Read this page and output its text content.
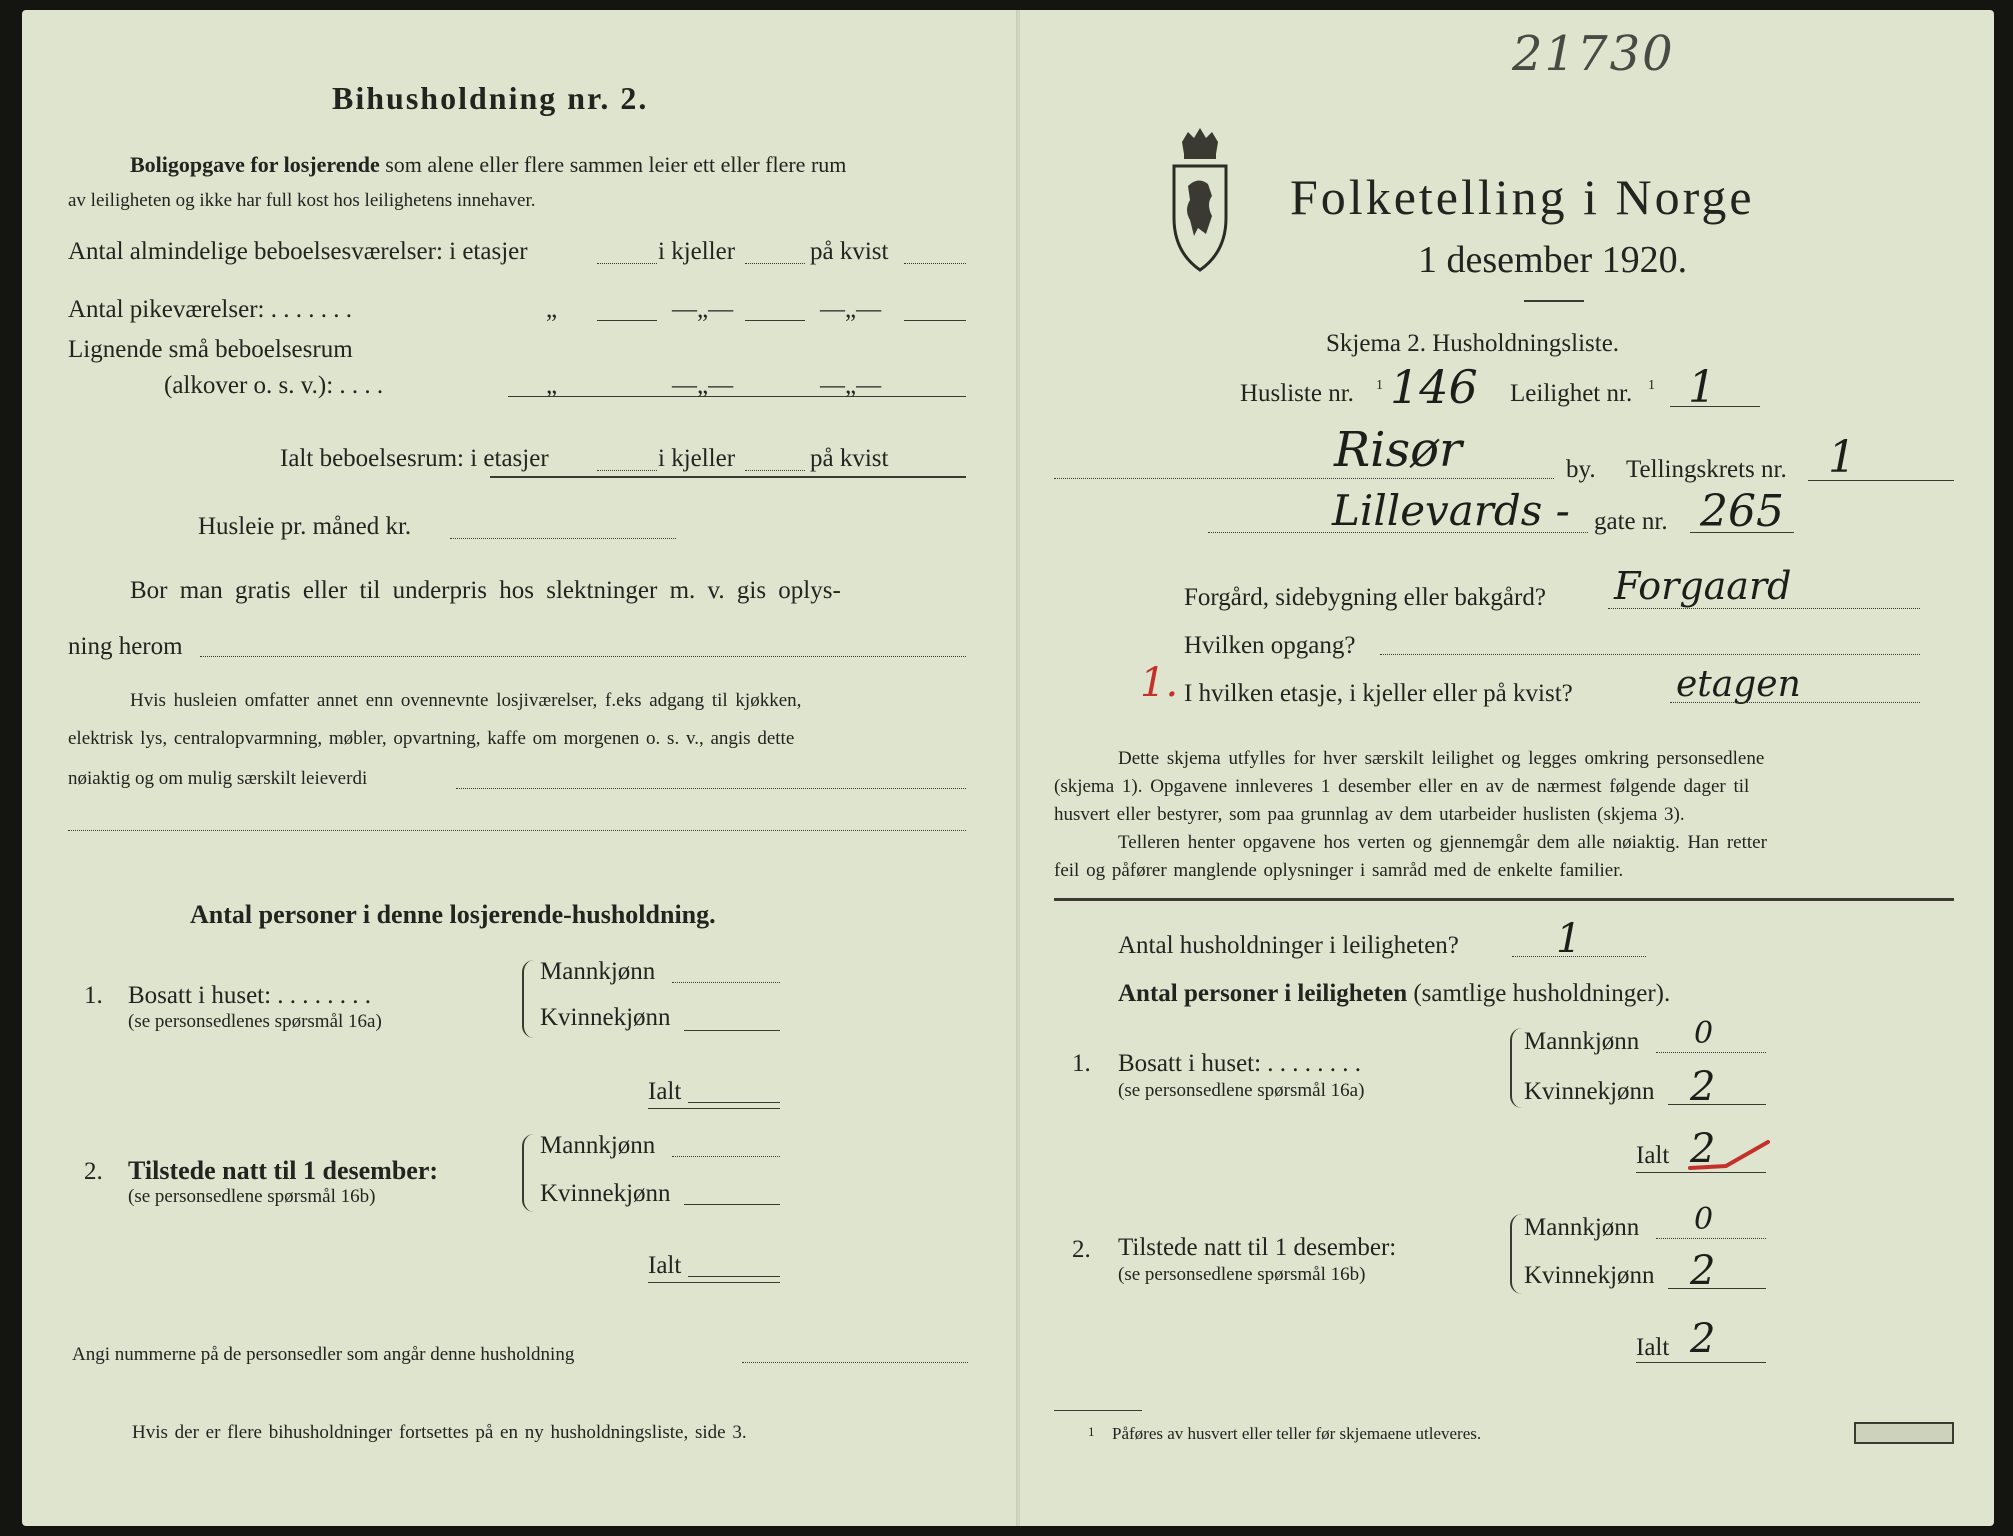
Bihusholdning nr. 2.
Boligopgave for losjerende som alene eller flere sammen leier ett eller flere rum
av leiligheten og ikke har full kost hos leilighetens innehaver.
Antal almindelige beboelsesværelser: i etasjer	i kjeller	på kvist
Antal pikeværelser: . . . . . . .	„	—„—	—„—
Lignende små beboelsesrum
(alkover o. s. v.): . . . .	„	—„—	—„—
Ialt beboelsesrum: i etasjer	i kjeller	på kvist
Husleie pr. måned kr.
Bor man gratis eller til underpris hos slektninger m. v. gis oplys-
ning herom
Hvis husleien omfatter annet enn ovennevnte losjiværelser, f.eks adgang til kjøkken,
elektrisk lys, centralopvarmning, møbler, opvartning, kaffe om morgenen o. s. v., angis dette
nøiaktig og om mulig særskilt leieverdi
Antal personer i denne losjerende-husholdning.
1. Bosatt i huset: . . . . . . . .
(se personsedlenes spørsmål 16a)
Mannkjønn
Kvinnekjønn
Ialt
2. Tilstede natt til 1 desember:
(se personsedlene spørsmål 16b)
Mannkjønn
Kvinnekjønn
Ialt
Angi nummerne på de personsedler som angår denne husholdning
Hvis der er flere bihusholdninger fortsettes på en ny husholdningsliste, side 3.
21730
Folketelling i Norge
1 desember 1920.
Skjema 2. Husholdningsliste.
Husliste nr. 1 146 Leilighet nr. 1 1
Risør	by. Tellingskrets nr. 1
Lillevards - gate nr. 265
Forgård, sidebygning eller bakgård? Forgaard
Hvilken opgang?
1. I hvilken etasje, i kjeller eller på kvist?	etagen
Dette skjema utfylles for hver særskilt leilighet og legges omkring personsedlene
(skjema 1). Opgavene innleveres 1 desember eller en av de nærmest følgende dager til
husvert eller bestyrer, som paa grunnlag av dem utarbeider huslisten (skjema 3).
Telleren henter opgavene hos verten og gjennemgår dem alle nøiaktig. Han retter
feil og påfører manglende oplysninger i samråd med de enkelte familier.
Antal husholdninger i leiligheten? 1
Antal personer i leiligheten (samtlige husholdninger).
1. Bosatt i huset: . . . . . . . .
(se personsedlene spørsmål 16a)
Mannkjønn 0
Kvinnekjønn 2
Ialt 2
2. Tilstede natt til 1 desember:
(se personsedlene spørsmål 16b)
Mannkjønn 0
Kvinnekjønn 2
Ialt 2
1 Påføres av husvert eller teller før skjemaene utleveres.
